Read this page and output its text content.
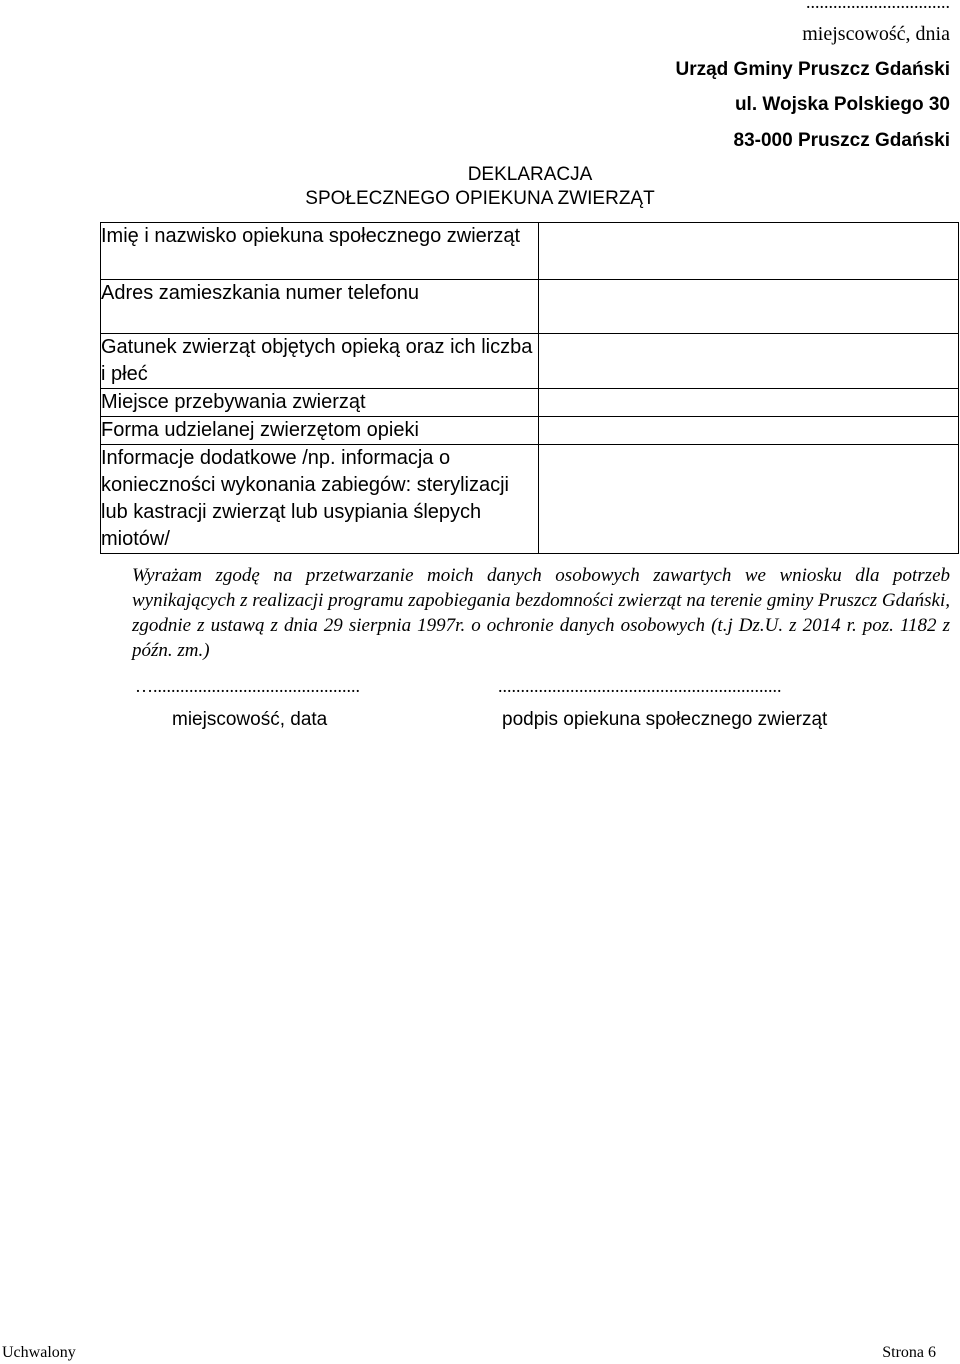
................................
miejscowość, dnia
Urząd Gminy Pruszcz Gdański
ul. Wojska Polskiego 30
83-000 Pruszcz Gdański
DEKLARACJA
SPOŁECZNEGO OPIEKUNA ZWIERZĄT
Imię i nazwisko opiekuna społecznego zwierząt	
Adres zamieszkania numer telefonu	
Gatunek zwierząt objętych opieką oraz ich liczba i płeć	
Miejsce przebywania zwierząt	
Forma udzielanej zwierzętom opieki	
Informacje dodatkowe /np. informacja o konieczności wykonania zabiegów: sterylizacji lub kastracji zwierząt lub usypiania ślepych miotów/	
Wyrażam zgodę na przetwarzanie moich danych osobowych zawartych we wniosku dla potrzeb wynikających z realizacji programu zapobiegania bezdomności zwierząt na terenie gminy Pruszcz Gdański, zgodnie z ustawą z dnia 29 sierpnia 1997r. o ochronie danych osobowych (t.j Dz.U. z 2014 r. poz. 1182 z późn. zm.)
…..............................................	...............................................................
miejscowość, data	podpis opiekuna społecznego zwierząt
Uchwalony	Strona 6
